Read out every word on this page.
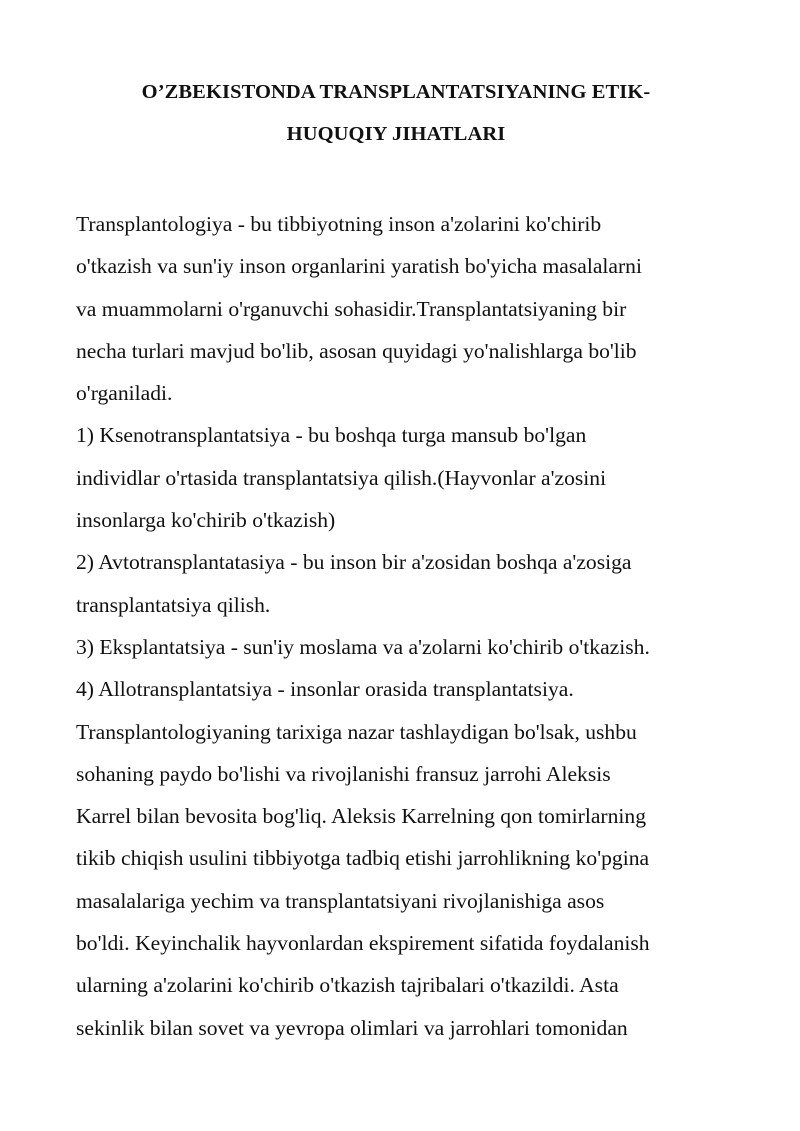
O’ZBEKISTONDA TRANSPLANTATSIYANING ETIK-
HUQUQIY JIHATLARI
Transplantologiya - bu tibbiyotning inson a'zolarini ko'chirib
o'tkazish va sun'iy inson organlarini yaratish bo'yicha masalalarni
va muammolarni o'rganuvchi sohasidir.Transplantatsiyaning bir
necha turlari mavjud bo'lib, asosan quyidagi yo'nalishlarga bo'lib
o'rganiladi.
1) Ksenotransplantatsiya - bu boshqa turga mansub bo'lgan
individlar o'rtasida transplantatsiya qilish.(Hayvonlar a'zosini
insonlarga ko'chirib o'tkazish)
2) Avtotransplantatasiya - bu inson bir a'zosidan boshqa a'zosiga
transplantatsiya qilish.
3) Eksplantatsiya - sun'iy moslama va a'zolarni ko'chirib o'tkazish.
4) Allotransplantatsiya - insonlar orasida transplantatsiya.
Transplantologiyaning tarixiga nazar tashlaydigan bo'lsak, ushbu
sohaning paydo bo'lishi va rivojlanishi fransuz jarrohi Aleksis
Karrel bilan bevosita bog'liq. Aleksis Karrelning qon tomirlarning
tikib chiqish usulini tibbiyotga tadbiq etishi jarrohlikning ko'pgina
masalalariga yechim va transplantatsiyani rivojlanishiga asos
bo'ldi. Keyinchalik hayvonlardan ekspirement sifatida foydalanish
ularning a'zolarini ko'chirib o'tkazish tajribalari o'tkazildi. Asta
sekinlik bilan sovet va yevropa olimlari va jarrohlari tomonidan
